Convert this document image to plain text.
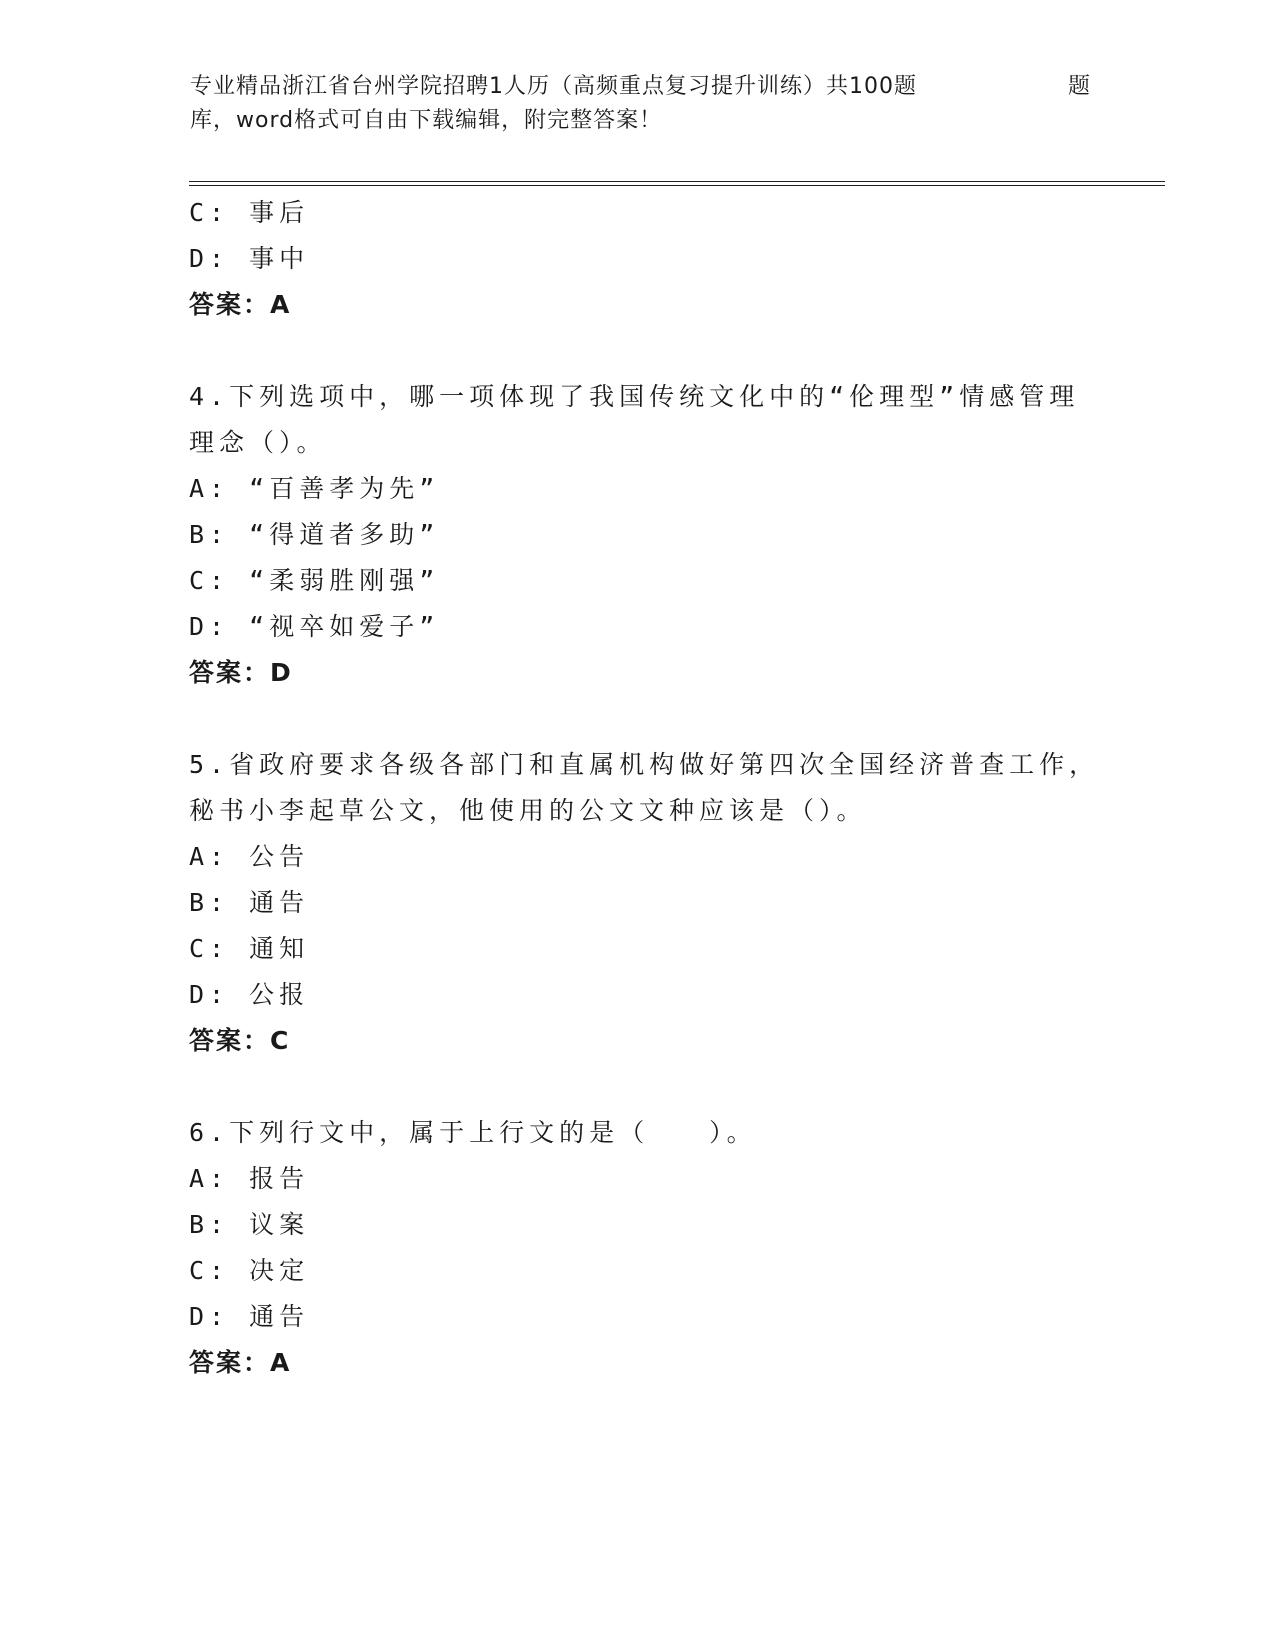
专业精品浙江省台州学院招聘1人历（高频重点复习提升训练）共100题	题
库，word格式可自由下载编辑，附完整答案！
C: 事后
D: 事中
答案：A
4.下列选项中，哪一项体现了我国传统文化中的“伦理型”情感管理
理念（）。
A: “百善孝为先”
B: “得道者多助”
C: “柔弱胜刚强”
D: “视卒如爱子”
答案：D
5.省政府要求各级各部门和直属机构做好第四次全国经济普查工作，
秘书小李起草公文，他使用的公文文种应该是（）。
A: 公告
B: 通告
C: 通知
D: 公报
答案：C
6.下列行文中，属于上行文的是（　　）。
A: 报告
B: 议案
C: 决定
D: 通告
答案：A
